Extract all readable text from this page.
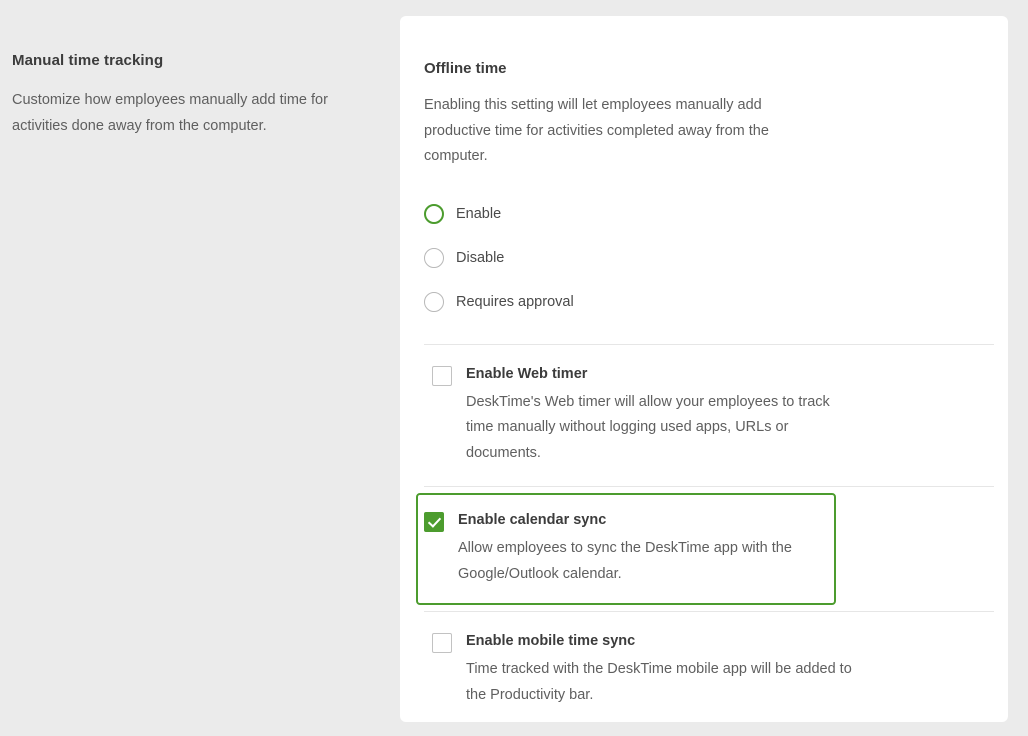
Manual time tracking

Customize how employees manually add time for activities done away from the computer.

Offline time

Enabling this setting will let employees manually add productive time for activities completed away from the computer.

Enable
Disable
Requires approval
Enable Web timer

DeskTime's Web timer will allow your employees to track time manually without logging used apps, URLs or documents.

Enable calendar sync

Allow employees to sync the DeskTime app with the Google/Outlook calendar.

Enable mobile time sync

Time tracked with the DeskTime mobile app will be added to the Productivity bar.
